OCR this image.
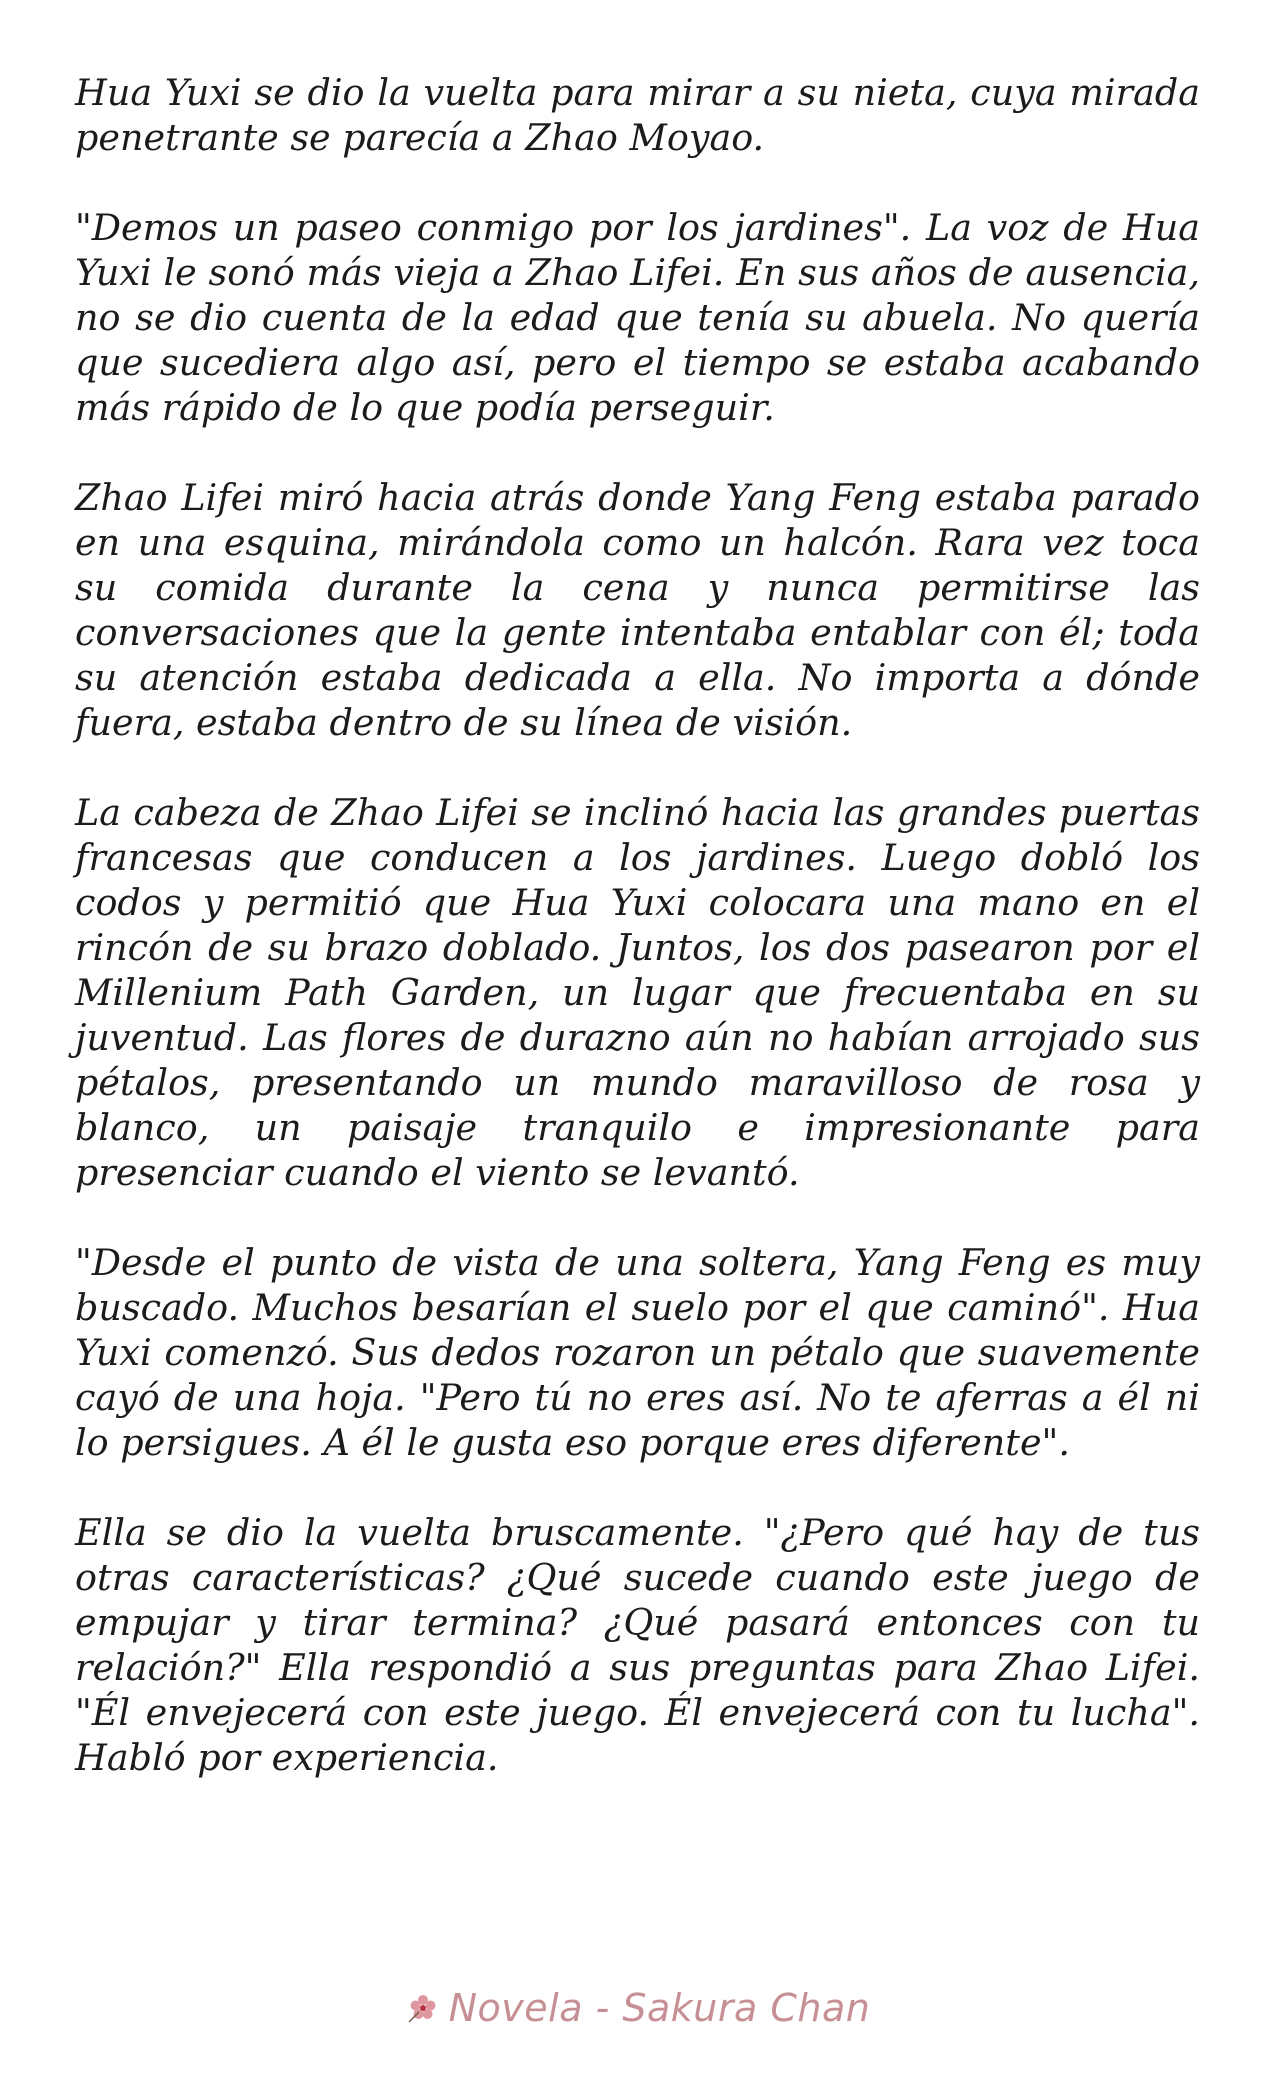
Hua Yuxi se dio la vuelta para mirar a su nieta, cuya mirada penetrante se parecía a Zhao Moyao.

"Demos un paseo conmigo por los jardines". La voz de Hua Yuxi le sonó más vieja a Zhao Lifei. En sus años de ausencia, no se dio cuenta de la edad que tenía su abuela. No quería que sucediera algo así, pero el tiempo se estaba acabando más rápido de lo que podía perseguir.

Zhao Lifei miró hacia atrás donde Yang Feng estaba parado en una esquina, mirándola como un halcón. Rara vez toca su comida durante la cena y nunca permitirse las conversaciones que la gente intentaba entablar con él; toda su atención estaba dedicada a ella. No importa a dónde fuera, estaba dentro de su línea de visión.

La cabeza de Zhao Lifei se inclinó hacia las grandes puertas francesas que conducen a los jardines. Luego dobló los codos y permitió que Hua Yuxi colocara una mano en el rincón de su brazo doblado. Juntos, los dos pasearon por el Millenium Path Garden, un lugar que frecuentaba en su juventud. Las flores de durazno aún no habían arrojado sus pétalos, presentando un mundo maravilloso de rosa y blanco, un paisaje tranquilo e impresionante para presenciar cuando el viento se levantó.

"Desde el punto de vista de una soltera, Yang Feng es muy buscado. Muchos besarían el suelo por el que caminó". Hua Yuxi comenzó. Sus dedos rozaron un pétalo que suavemente cayó de una hoja. "Pero tú no eres así. No te aferras a él ni lo persigues. A él le gusta eso porque eres diferente".

Ella se dio la vuelta bruscamente. "¿Pero qué hay de tus otras características? ¿Qué sucede cuando este juego de empujar y tirar termina? ¿Qué pasará entonces con tu relación?" Ella respondió a sus preguntas para Zhao Lifei. "Él envejecerá con este juego. Él envejecerá con tu lucha". Habló por experiencia.

Novela - Sakura Chan
